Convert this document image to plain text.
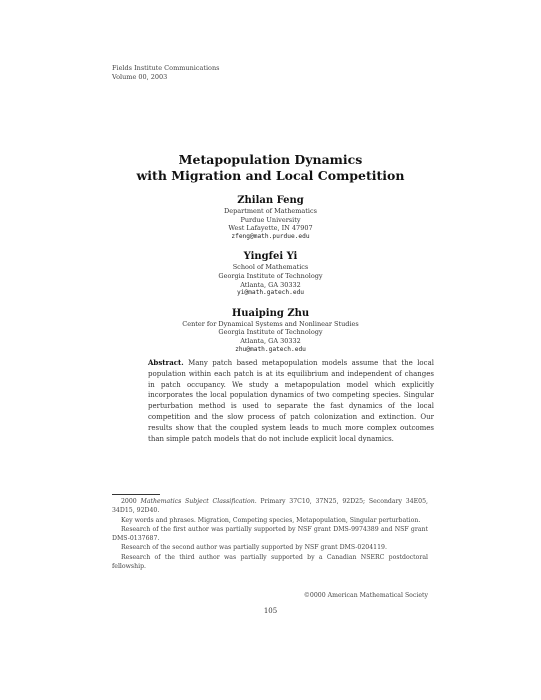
Fields Institute Communications
Volume 00, 2003
Metapopulation Dynamics
with Migration and Local Competition
Zhilan Feng
Department of Mathematics
Purdue University
West Lafayette, IN 47907
zfeng@math.purdue.edu
Yingfei Yi
School of Mathematics
Georgia Institute of Technology
Atlanta, GA 30332
yi@math.gatech.edu
Huaiping Zhu
Center for Dynamical Systems and Nonlinear Studies
Georgia Institute of Technology
Atlanta, GA 30332
zhu@math.gatech.edu
Abstract. Many patch based metapopulation models assume that the local population within each patch is at its equilibrium and independent of changes in patch occupancy. We study a metapopulation model which explicitly incorporates the local population dynamics of two competing species. Singular perturbation method is used to separate the fast dynamics of the local competition and the slow process of patch colonization and extinction. Our results show that the coupled system leads to much more complex outcomes than simple patch models that do not include explicit local dynamics.

2000 Mathematics Subject Classification. Primary 37C10, 37N25, 92D25; Secondary 34E05, 34D15, 92D40.

Key words and phrases. Migration, Competing species, Metapopulation, Singular perturbation.

Research of the first author was partially supported by NSF grant DMS-9974389 and NSF grant DMS-0137687.

Research of the second author was partially supported by NSF grant DMS-0204119.

Research of the third author was partially supported by a Canadian NSERC postdoctoral fellowship.

©0000 American Mathematical Society
105
